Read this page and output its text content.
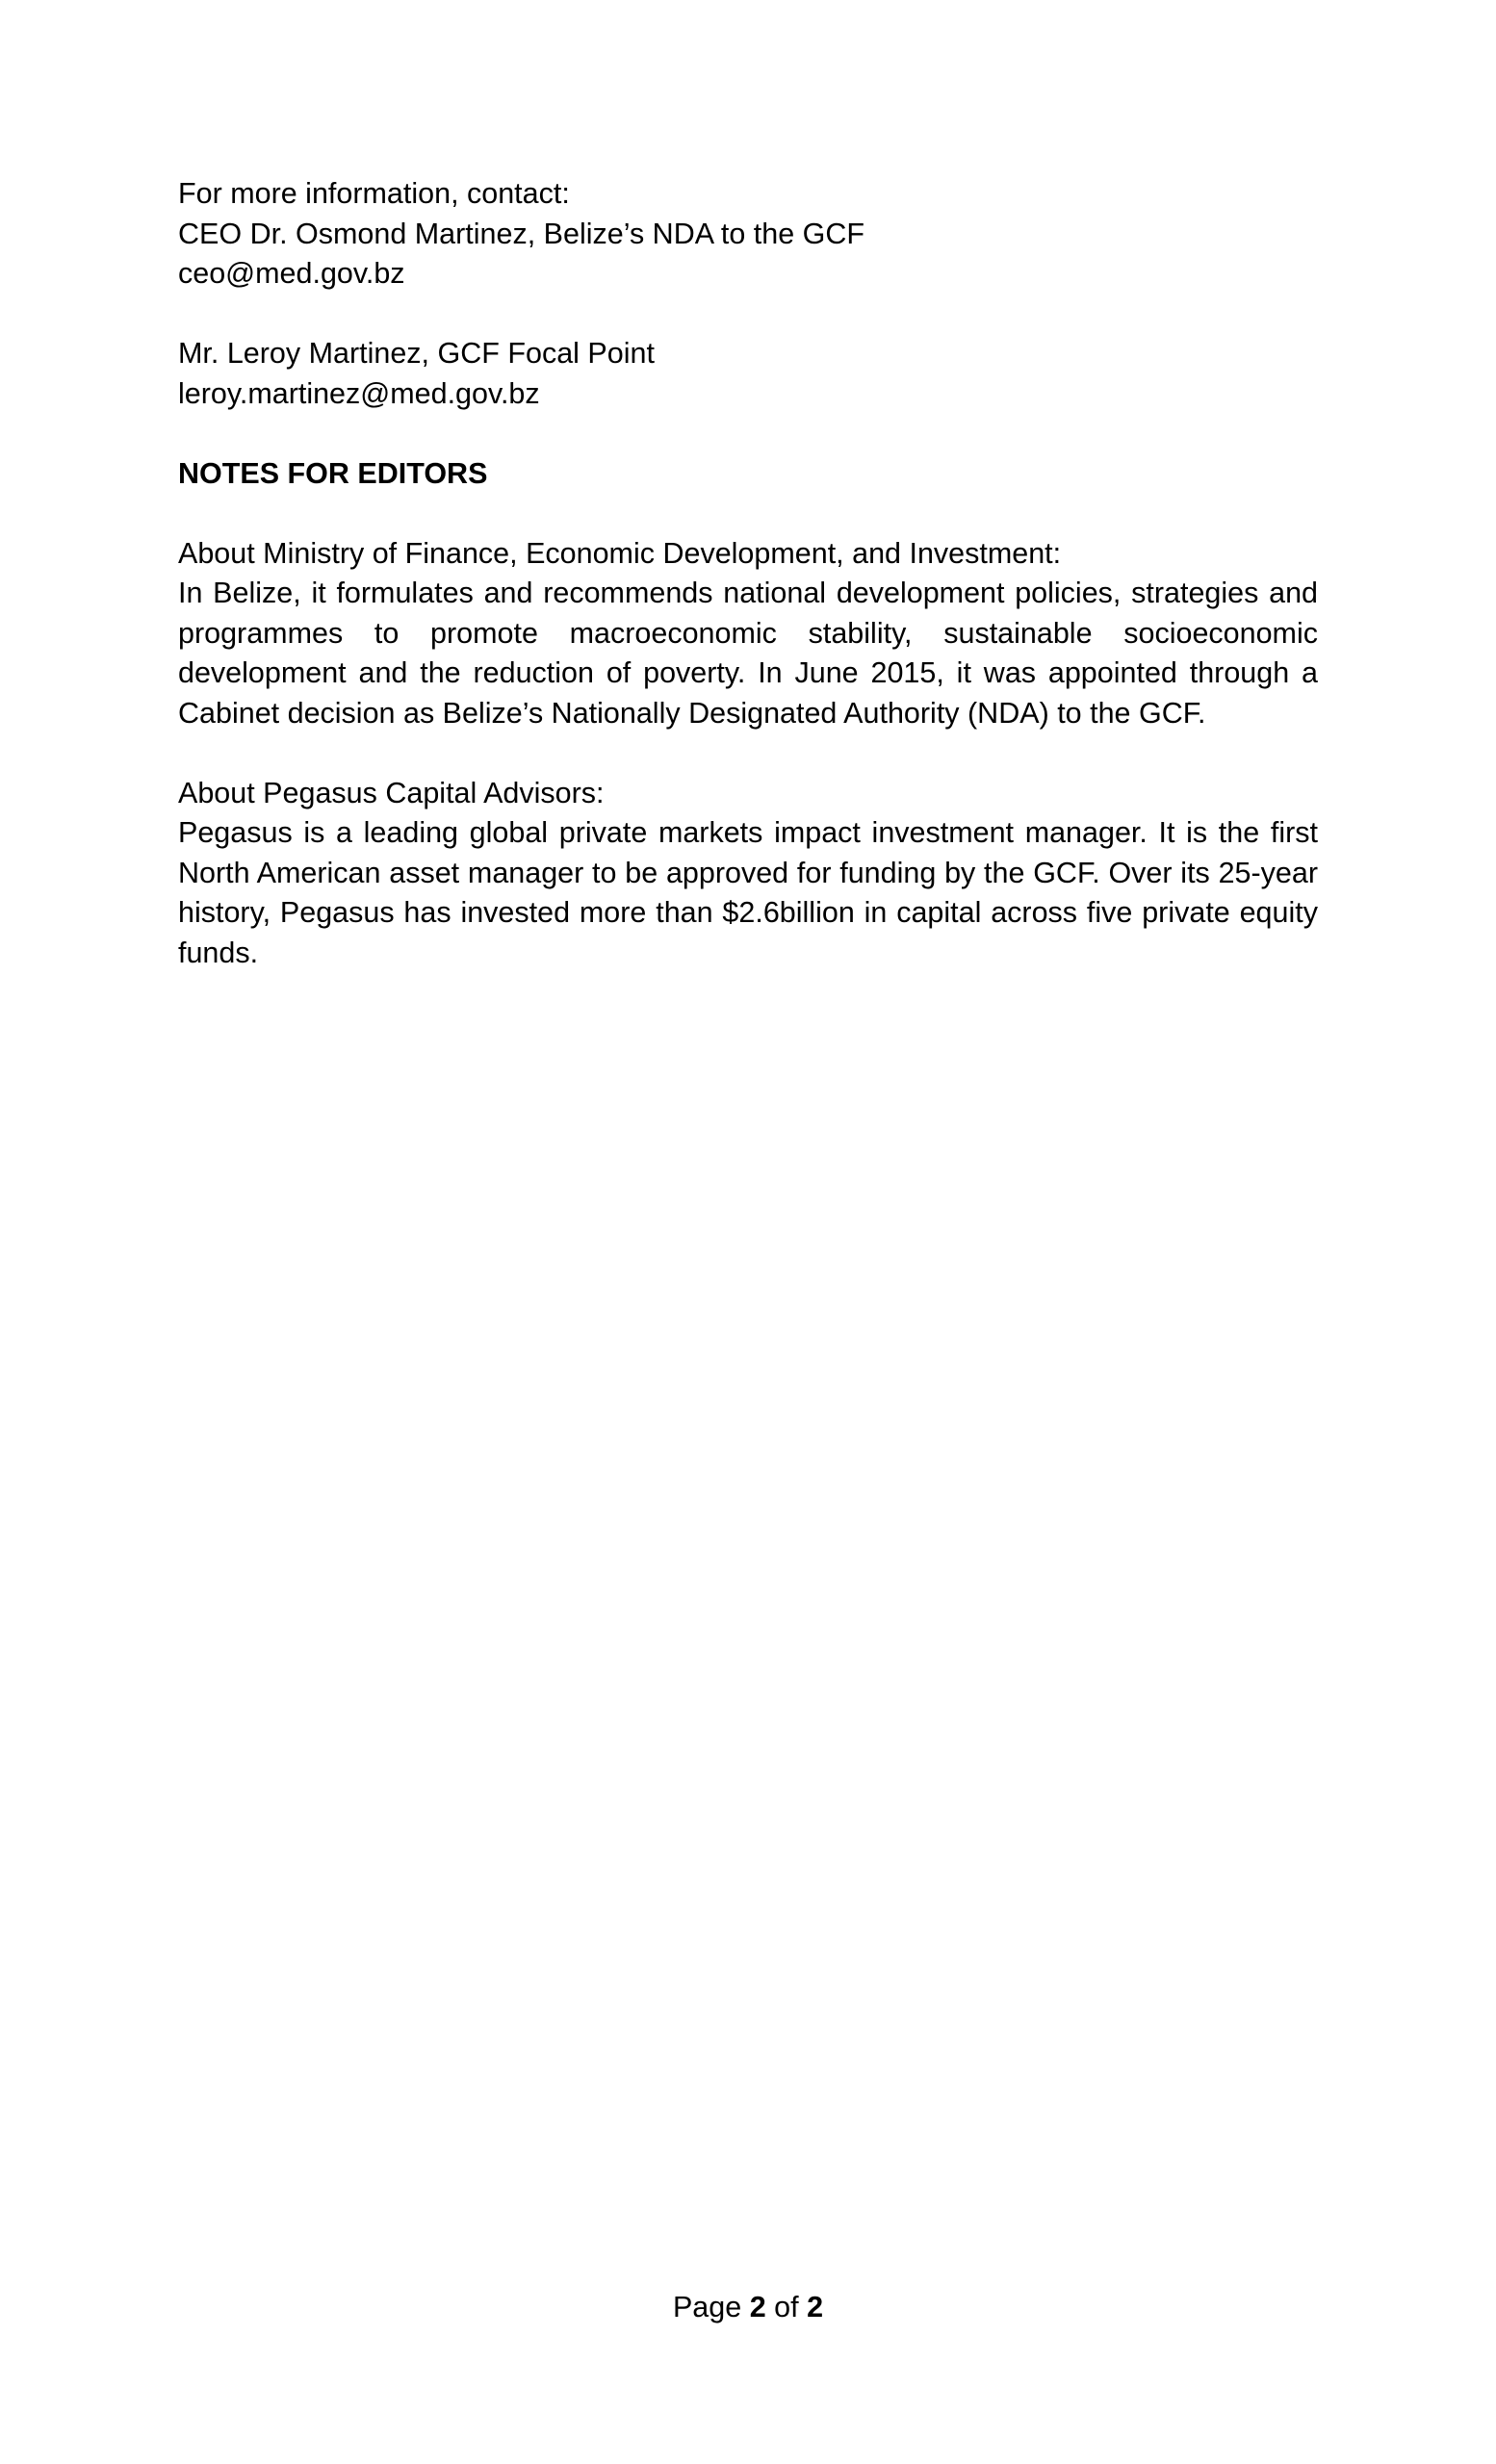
For more information, contact:
CEO Dr. Osmond Martinez, Belize’s NDA to the GCF
ceo@med.gov.bz
Mr. Leroy Martinez, GCF Focal Point
leroy.martinez@med.gov.bz
NOTES FOR EDITORS
About Ministry of Finance, Economic Development, and Investment:

In Belize, it formulates and recommends national development policies, strategies and programmes to promote macroeconomic stability, sustainable socioeconomic development and the reduction of poverty. In June 2015, it was appointed through a Cabinet decision as Belize’s Nationally Designated Authority (NDA) to the GCF.

About Pegasus Capital Advisors:

Pegasus is a leading global private markets impact investment manager. It is the first North American asset manager to be approved for funding by the GCF. Over its 25-year history, Pegasus has invested more than $2.6billion in capital across five private equity funds.

Page 2 of 2
